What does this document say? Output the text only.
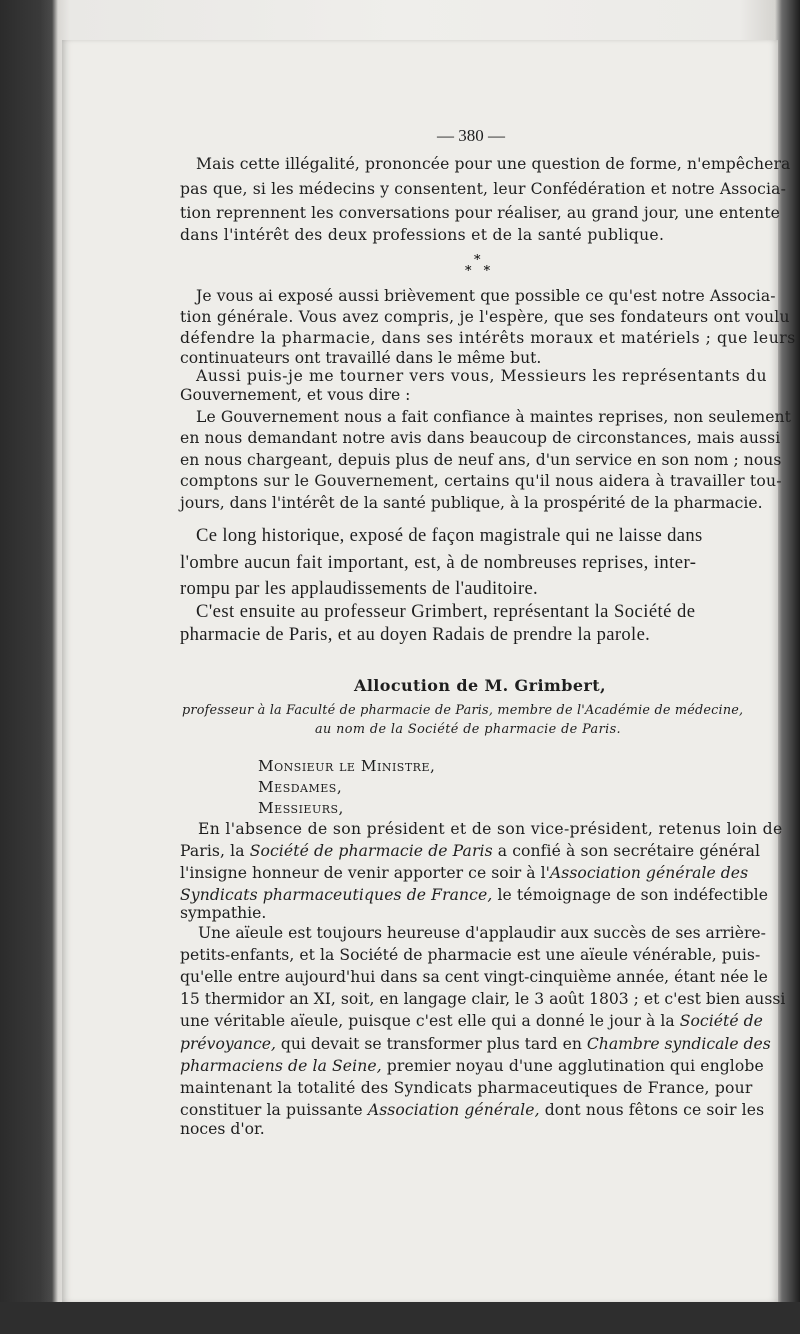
— 380 —
Mais cette illégalité, prononcée pour une question de forme, n'empêchera
pas que, si les médecins y consentent, leur Confédération et notre Associa-
tion reprennent les conversations pour réaliser, au grand jour, une entente
dans l'intérêt des deux professions et de la santé publique.
*
* *
Je vous ai exposé aussi brièvement que possible ce qu'est notre Associa-
tion générale. Vous avez compris, je l'espère, que ses fondateurs ont voulu
défendre la pharmacie, dans ses intérêts moraux et matériels ; que leurs
continuateurs ont travaillé dans le même but.
Aussi puis-je me tourner vers vous, Messieurs les représentants du
Gouvernement, et vous dire :
Le Gouvernement nous a fait confiance à maintes reprises, non seulement
en nous demandant notre avis dans beaucoup de circonstances, mais aussi
en nous chargeant, depuis plus de neuf ans, d'un service en son nom ; nous
comptons sur le Gouvernement, certains qu'il nous aidera à travailler tou-
jours, dans l'intérêt de la santé publique, à la prospérité de la pharmacie.
Ce long historique, exposé de façon magistrale qui ne laisse dans
l'ombre aucun fait important, est, à de nombreuses reprises, inter-
rompu par les applaudissements de l'auditoire.
C'est ensuite au professeur Grimbert, représentant la Société de
pharmacie de Paris, et au doyen Radais de prendre la parole.
Allocution de M. Grimbert,
professeur à la Faculté de pharmacie de Paris, membre de l'Académie de médecine,
au nom de la Société de pharmacie de Paris.
Monsieur le Ministre,
Mesdames,
Messieurs,
En l'absence de son président et de son vice-président, retenus loin de
Paris, la Société de pharmacie de Paris a confié à son secrétaire général
l'insigne honneur de venir apporter ce soir à l'Association générale des
Syndicats pharmaceutiques de France, le témoignage de son indéfectible
sympathie.
Une aïeule est toujours heureuse d'applaudir aux succès de ses arrière-
petits-enfants, et la Société de pharmacie est une aïeule vénérable, puis-
qu'elle entre aujourd'hui dans sa cent vingt-cinquième année, étant née le
15 thermidor an XI, soit, en langage clair, le 3 août 1803 ; et c'est bien aussi
une véritable aïeule, puisque c'est elle qui a donné le jour à la Société de
prévoyance, qui devait se transformer plus tard en Chambre syndicale des
pharmaciens de la Seine, premier noyau d'une agglutination qui englobe
maintenant la totalité des Syndicats pharmaceutiques de France, pour
constituer la puissante Association générale, dont nous fêtons ce soir les
noces d'or.
